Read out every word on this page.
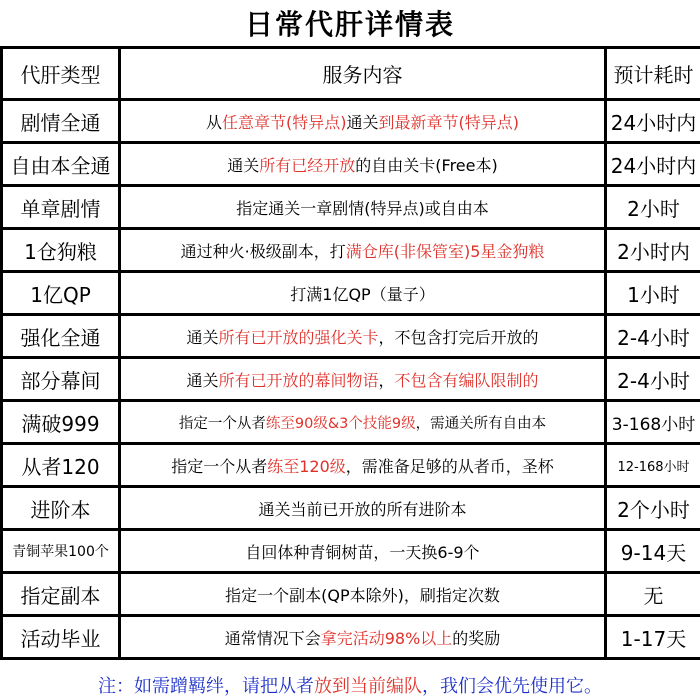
日常代肝详情表
代肝类型	服务内容	预计耗时
剧情全通	从任意章节(特异点)通关到最新章节(特异点)	24小时内
自由本全通	通关所有已经开放的自由关卡(Free本)	24小时内
单章剧情	指定通关一章剧情(特异点)或自由本	2小时
1仓狗粮	通过种火·极级副本，打满仓库(非保管室)5星金狗粮	2小时内
1亿QP	打满1亿QP（量子）	1小时
强化全通	通关所有已开放的强化关卡，不包含打完后开放的	2-4小时
部分幕间	通关所有已开放的幕间物语，不包含有编队限制的	2-4小时
满破999	指定一个从者练至90级&3个技能9级，需通关所有自由本	3-168小时
从者120	指定一个从者练至120级，需准备足够的从者币，圣杯	12-168小时
进阶本	通关当前已开放的所有进阶本	2个小时
青铜苹果100个	自回体种青铜树苗，一天换6-9个	9-14天
指定副本	指定一个副本(QP本除外)，刷指定次数	无
活动毕业	通常情况下会拿完活动98%以上的奖励	1-17天
注：如需蹭羁绊，请把从者 放到当前编队 ，我们会优先使用它。
